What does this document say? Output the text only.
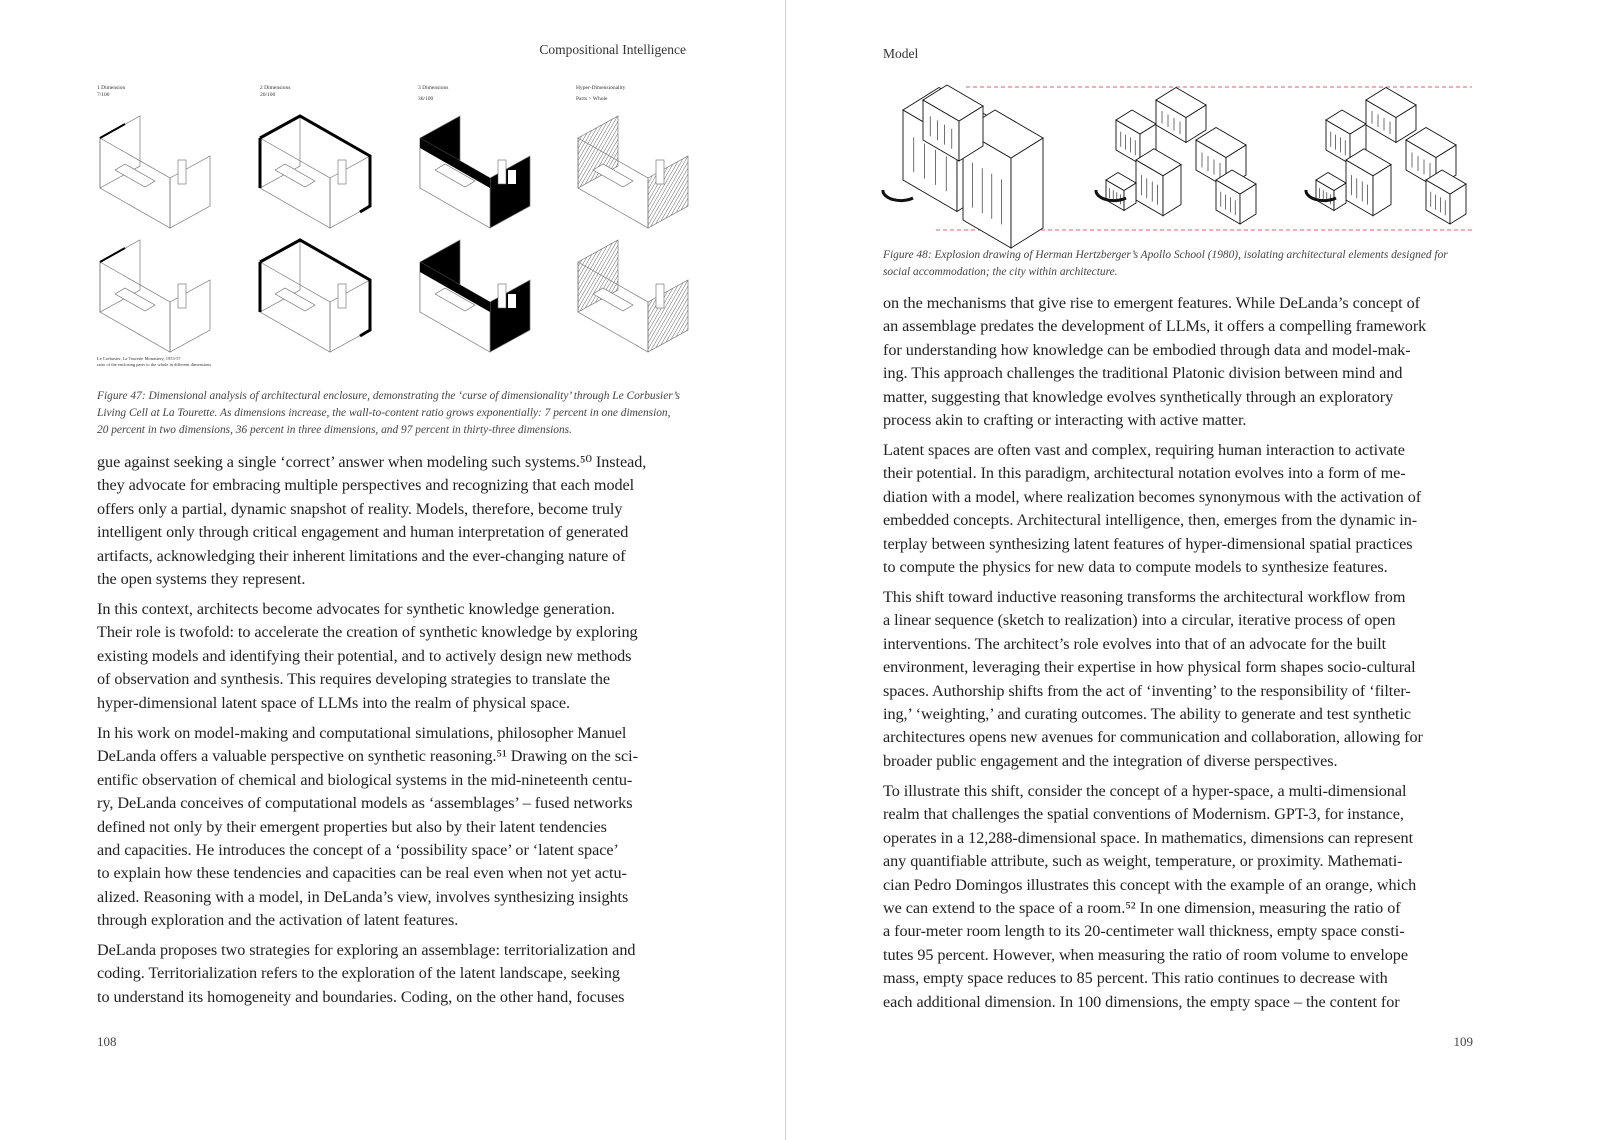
Compositional Intelligence
1 Dimension
7/100
2 Dimensions
20/100
3 Dimensions
36/100
Hyper-Dimensionality
Parts > Whole
Le Corbusier, La Tourette Monastery, 1953-57
ratio of the enclosing parts to the whole in different dimensions
Figure 47: Dimensional analysis of architectural enclosure, demonstrating the ‘curse of dimensionality’ through Le Corbusier’s
Living Cell at La Tourette. As dimensions increase, the wall-to-content ratio grows exponentially: 7 percent in one dimension,
20 percent in two dimensions, 36 percent in three dimensions, and 97 percent in thirty-three dimensions.
gue against seeking a single ‘correct’ answer when modeling such systems.⁵⁰ Instead,
they advocate for embracing multiple perspectives and recognizing that each model
offers only a partial, dynamic snapshot of reality. Models, therefore, become truly
intelligent only through critical engagement and human interpretation of generated
artifacts, acknowledging their inherent limitations and the ever-changing nature of
the open systems they represent.
In this context, architects become advocates for synthetic knowledge generation.
Their role is twofold: to accelerate the creation of synthetic knowledge by exploring
existing models and identifying their potential, and to actively design new methods
of observation and synthesis. This requires developing strategies to translate the
hyper-dimensional latent space of LLMs into the realm of physical space.
In his work on model-making and computational simulations, philosopher Manuel
DeLanda offers a valuable perspective on synthetic reasoning.⁵¹ Drawing on the sci-
entific observation of chemical and biological systems in the mid-nineteenth centu-
ry, DeLanda conceives of computational models as ‘assemblages’ – fused networks
defined not only by their emergent properties but also by their latent tendencies
and capacities. He introduces the concept of a ‘possibility space’ or ‘latent space’
to explain how these tendencies and capacities can be real even when not yet actu-
alized. Reasoning with a model, in DeLanda’s view, involves synthesizing insights
through exploration and the activation of latent features.
DeLanda proposes two strategies for exploring an assemblage: territorialization and
coding. Territorialization refers to the exploration of the latent landscape, seeking
to understand its homogeneity and boundaries. Coding, on the other hand, focuses
108
Model
Figure 48: Explosion drawing of Herman Hertzberger’s Apollo School (1980), isolating architectural elements designed for
social accommodation; the city within architecture.
on the mechanisms that give rise to emergent features. While DeLanda’s concept of
an assemblage predates the development of LLMs, it offers a compelling framework
for understanding how knowledge can be embodied through data and model-mak-
ing. This approach challenges the traditional Platonic division between mind and
matter, suggesting that knowledge evolves synthetically through an exploratory
process akin to crafting or interacting with active matter.
Latent spaces are often vast and complex, requiring human interaction to activate
their potential. In this paradigm, architectural notation evolves into a form of me-
diation with a model, where realization becomes synonymous with the activation of
embedded concepts. Architectural intelligence, then, emerges from the dynamic in-
terplay between synthesizing latent features of hyper-dimensional spatial practices
to compute the physics for new data to compute models to synthesize features.
This shift toward inductive reasoning transforms the architectural workflow from
a linear sequence (sketch to realization) into a circular, iterative process of open
interventions. The architect’s role evolves into that of an advocate for the built
environment, leveraging their expertise in how physical form shapes socio-cultural
spaces. Authorship shifts from the act of ‘inventing’ to the responsibility of ‘filter-
ing,’ ‘weighting,’ and curating outcomes. The ability to generate and test synthetic
architectures opens new avenues for communication and collaboration, allowing for
broader public engagement and the integration of diverse perspectives.
To illustrate this shift, consider the concept of a hyper-space, a multi-dimensional
realm that challenges the spatial conventions of Modernism. GPT-3, for instance,
operates in a 12,288-dimensional space. In mathematics, dimensions can represent
any quantifiable attribute, such as weight, temperature, or proximity. Mathemati-
cian Pedro Domingos illustrates this concept with the example of an orange, which
we can extend to the space of a room.⁵² In one dimension, measuring the ratio of
a four-meter room length to its 20-centimeter wall thickness, empty space consti-
tutes 95 percent. However, when measuring the ratio of room volume to envelope
mass, empty space reduces to 85 percent. This ratio continues to decrease with
each additional dimension. In 100 dimensions, the empty space – the content for
109
